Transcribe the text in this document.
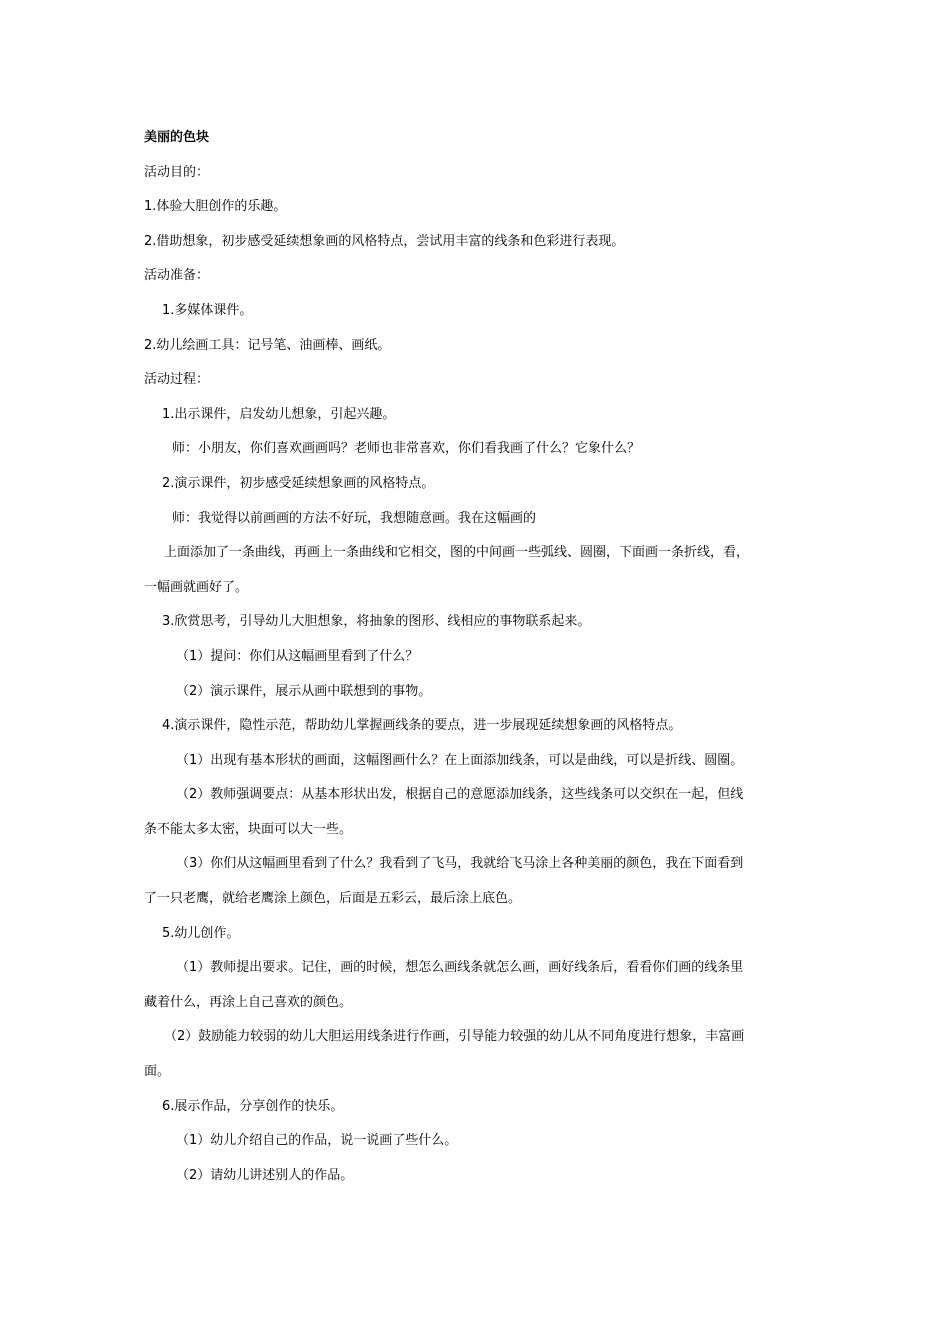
美丽的色块
活动目的：
1.体验大胆创作的乐趣。
2.借助想象，初步感受延续想象画的风格特点，尝试用丰富的线条和色彩进行表现。
活动准备：
1.多媒体课件。
2.幼儿绘画工具：记号笔、油画棒、画纸。
活动过程：
1.出示课件，启发幼儿想象，引起兴趣。
师：小朋友，你们喜欢画画吗？老师也非常喜欢，你们看我画了什么？它象什么？
2.演示课件，初步感受延续想象画的风格特点。
师：我觉得以前画画的方法不好玩，我想随意画。我在这幅画的
上面添加了一条曲线，再画上一条曲线和它相交，图的中间画一些弧线、圆圈，下面画一条折线，看，
一幅画就画好了。
3.欣赏思考，引导幼儿大胆想象，将抽象的图形、线相应的事物联系起来。
（1）提问：你们从这幅画里看到了什么？
（2）演示课件，展示从画中联想到的事物。
4.演示课件，隐性示范，帮助幼儿掌握画线条的要点，进一步展现延续想象画的风格特点。
（1）出现有基本形状的画面，这幅图画什么？在上面添加线条，可以是曲线，可以是折线、圆圈。
（2）教师强调要点：从基本形状出发，根据自己的意愿添加线条，这些线条可以交织在一起，但线
条不能太多太密，块面可以大一些。
（3）你们从这幅画里看到了什么？我看到了飞马，我就给飞马涂上各种美丽的颜色，我在下面看到
了一只老鹰，就给老鹰涂上颜色，后面是五彩云，最后涂上底色。
5.幼儿创作。
（1）教师提出要求。记住，画的时候，想怎么画线条就怎么画，画好线条后，看看你们画的线条里
藏着什么，再涂上自己喜欢的颜色。
（2）鼓励能力较弱的幼儿大胆运用线条进行作画，引导能力较强的幼儿从不同角度进行想象，丰富画
面。
6.展示作品，分享创作的快乐。
（1）幼儿介绍自己的作品，说一说画了些什么。
（2）请幼儿讲述别人的作品。
